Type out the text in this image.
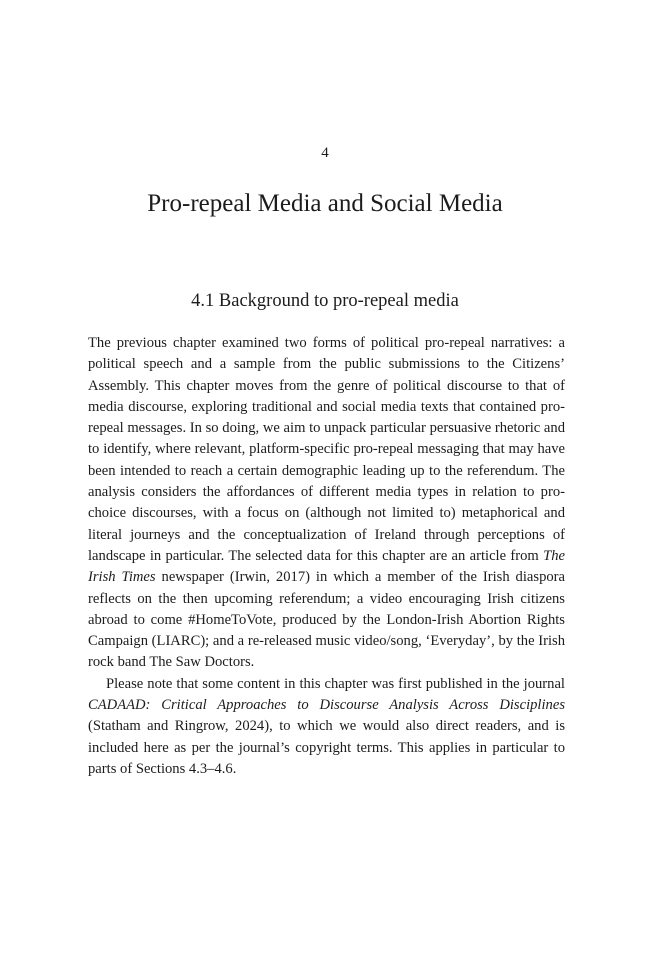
4
Pro-repeal Media and Social Media
4.1 Background to pro-repeal media

The previous chapter examined two forms of political pro-repeal narratives: a political speech and a sample from the public submissions to the Citizens’ Assembly. This chapter moves from the genre of political discourse to that of media discourse, exploring traditional and social media texts that contained pro-repeal messages. In so doing, we aim to unpack particular persuasive rhetoric and to identify, where relevant, platform-specific pro-repeal messaging that may have been intended to reach a certain demographic leading up to the referendum. The analysis considers the affordances of different media types in relation to pro-choice discourses, with a focus on (although not limited to) metaphorical and literal journeys and the conceptualization of Ireland through perceptions of landscape in particular. The selected data for this chapter are an article from The Irish Times newspaper (Irwin, 2017) in which a member of the Irish diaspora reflects on the then upcoming referendum; a video encouraging Irish citizens abroad to come #HomeToVote, produced by the London-Irish Abortion Rights Campaign (LIARC); and a re-released music video/song, ‘Everyday’, by the Irish rock band The Saw Doctors.

Please note that some content in this chapter was first published in the journal CADAAD: Critical Approaches to Discourse Analysis Across Disciplines (Statham and Ringrow, 2024), to which we would also direct readers, and is included here as per the journal’s copyright terms. This applies in particular to parts of Sections 4.3–4.6.
